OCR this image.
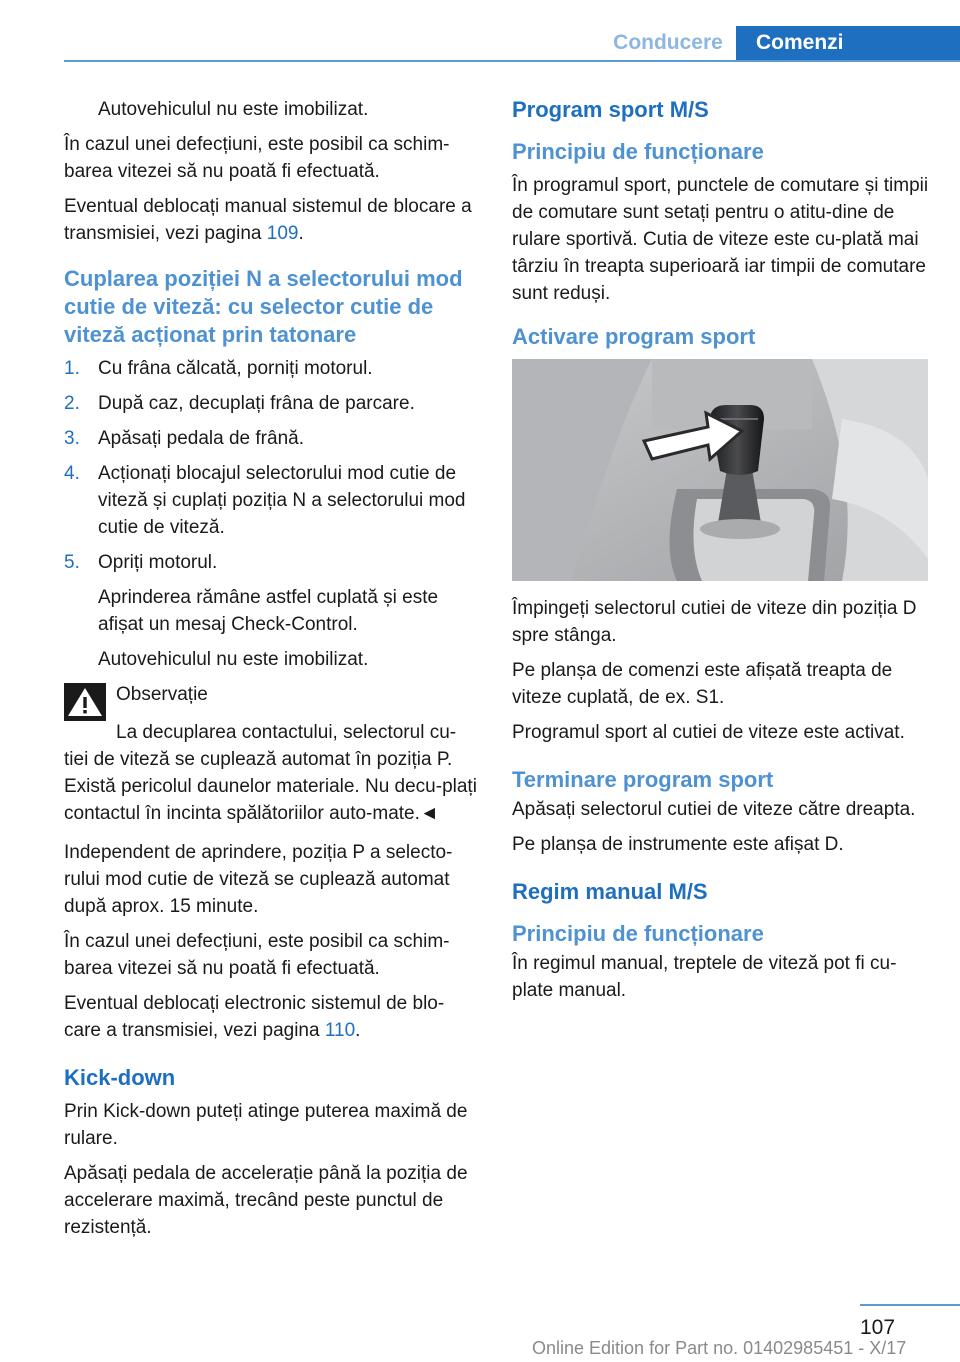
Conducere	Comenzi

Autovehiculul nu este imobilizat.

În cazul unei defecțiuni, este posibil ca schim-barea vitezei să nu poată fi efectuată.

Eventual deblocați manual sistemul de blocare a transmisiei, vezi pagina 109.

Cuplarea poziției N a selectorului mod cutie de viteză: cu selector cutie de viteză acționat prin tatonare
1. Cu frâna călcată, porniți motorul.
2. După caz, decuplați frâna de parcare.
3. Apăsați pedala de frână.
4. Acționați blocajul selectorului mod cutie de viteză și cuplați poziția N a selectorului mod cutie de viteză.
5. Opriți motorul.
Aprinderea rămâne astfel cuplată și este afișat un mesaj Check-Control.
Autovehiculul nu este imobilizat.

Observație

La decuplarea contactului, selectorul cu-tiei de viteză se cuplează automat în poziția P. Există pericolul daunelor materiale. Nu decu-plați contactul în incinta spălătoriilor auto-mate.◄

Independent de aprindere, poziția P a selecto-rului mod cutie de viteză se cuplează automat după aprox. 15 minute.

În cazul unei defecțiuni, este posibil ca schim-barea vitezei să nu poată fi efectuată.

Eventual deblocați electronic sistemul de blo-care a transmisiei, vezi pagina 110.

Kick-down

Prin Kick-down puteți atinge puterea maximă de rulare.

Apăsați pedala de accelerație până la poziția de accelerare maximă, trecând peste punctul de rezistență.

Program sport M/S
Principiu de funcționare

În programul sport, punctele de comutare și timpii de comutare sunt setați pentru o atitu-dine de rulare sportivă. Cutia de viteze este cu-plată mai târziu în treapta superioară iar timpii de comutare sunt reduși.

Activare program sport

Împingeți selectorul cutiei de viteze din poziția D spre stânga.

Pe planșa de comenzi este afișată treapta de viteze cuplată, de ex. S1.

Programul sport al cutiei de viteze este activat.

Terminare program sport

Apăsați selectorul cutiei de viteze către dreapta.

Pe planșa de instrumente este afișat D.

Regim manual M/S
Principiu de funcționare

În regimul manual, treptele de viteză pot fi cu-plate manual.

107
Online Edition for Part no. 01402985451 - X/17
